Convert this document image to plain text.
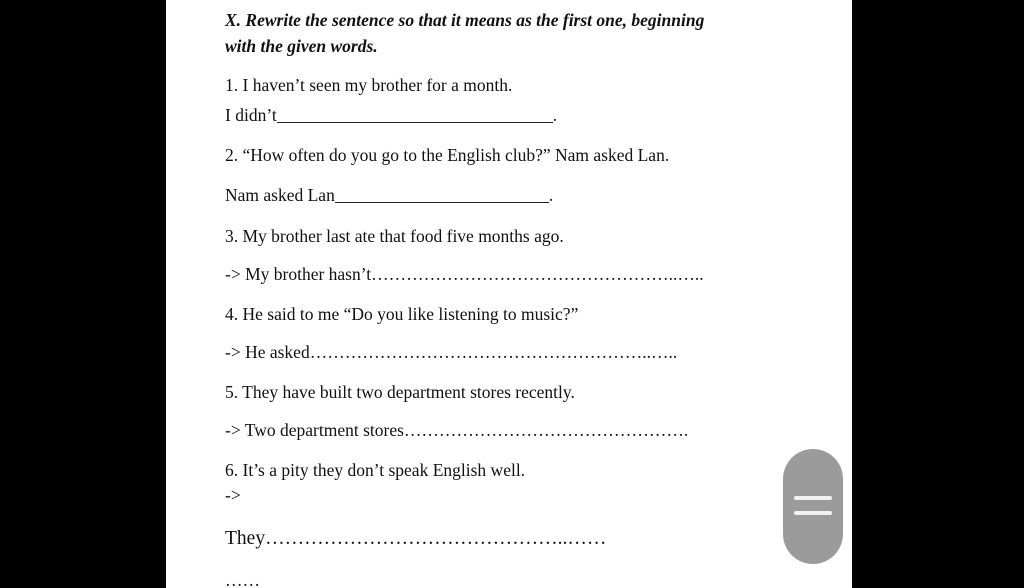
X. Rewrite the sentence so that it means as the first one, beginning

with the given words.

1. I haven’t seen my brother for a month.

I didn’t	.

2. “How often do you go to the English club?” Nam asked Lan.

Nam asked Lan	.

3. My brother last ate that food five months ago.

-> My brother hasn’t……………………………………………..…..

4. He said to me “Do you like listening to music?”

-> He asked…………………………………………………..…..

5. They have built two department stores recently.

-> Two department stores………………………………………….

6. It’s a pity they don’t speak English well.

->

They………………………………………..……

……
